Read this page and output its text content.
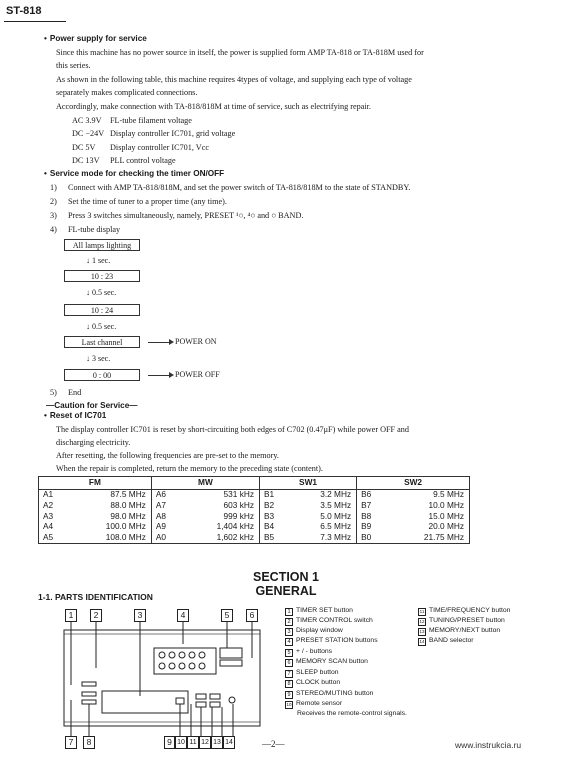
ST-818
• Power supply for service
Since this machine has no power source in itself, the power is supplied form AMP TA-818 or TA-818M used for
this series.
As shown in the following table, this machine requires 4types of voltage, and supplying each type of voltage
separately makes complicated connections.
Accordingly, make connection with TA-818/818M at time of service, such as electrifying repair.
AC 3.9V FL-tube filament voltage
DC −24V Display controller IC701, grid voltage
DC 5V Display controller IC701, Vcc
DC 13V PLL control voltage
• Service mode for checking the timer ON/OFF
1) Connect with AMP TA-818/818M, and set the power switch of TA-818/818M to the state of STANDBY.
2) Set the time of tuner to a proper time (any time).
3) Press 3 switches simultaneously, namely, PRESET ¹○, ⁴○ and ○ BAND.
4) FL-tube display
All lamps lighting
↓ 1 sec.
10 : 23
↓ 0.5 sec.
10 : 24
↓ 0.5 sec.
Last channel	POWER ON
↓ 3 sec.
0 : 00	POWER OFF
5) End
—Caution for Service—
• Reset of IC701
The display controller IC701 is reset by short-circuiting both edges of C702 (0.47μF) while power OFF and
discharging electricity.
After resetting, the following frequencies are pre-set to the memory.
When the repair is completed, return the memory to the preceding state (content).
FM		MW		SW1		SW2	
A1	87.5 MHz	A6	531 kHz	B1	3.2 MHz	B6	9.5 MHz
A2	88.0 MHz	A7	603 kHz	B2	3.5 MHz	B7	10.0 MHz
A3	98.0 MHz	A8	999 kHz	B3	5.0 MHz	B8	15.0 MHz
A4	100.0 MHz	A9	1,404 kHz	B4	6.5 MHz	B9	20.0 MHz
A5	108.0 MHz	A0	1,602 kHz	B5	7.3 MHz	B0	21.75 MHz
SECTION 1
GENERAL
1-1. PARTS IDENTIFICATION
1	2	3	4	5	6
7	8	9 10 11 12 13 14
1 TIMER SET button
2 TIMER CONTROL switch
3 Display window
4 PRESET STATION buttons
5 + / - buttons
6 MEMORY SCAN button
7 SLEEP button
8 CLOCK button
9 STEREO/MUTING button
10 Remote sensor
Receives the remote-control signals.
11 TIME/FREQUENCY button
12 TUNING/PRESET button
13 MEMORY/NEXT button
14 BAND selector
—2—	www.instrukcia.ru
